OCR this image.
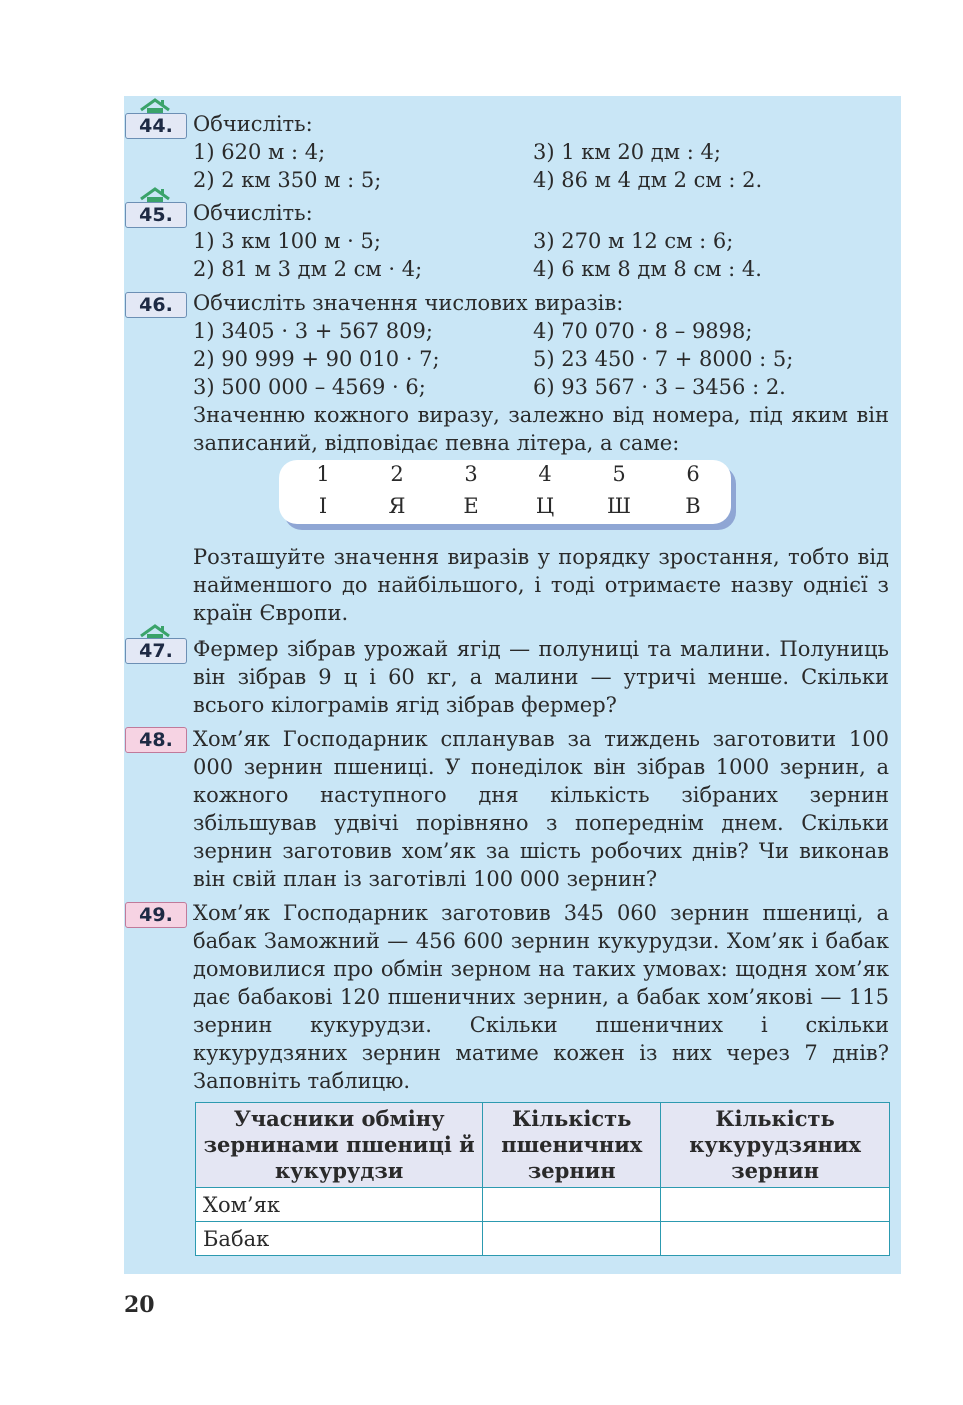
44. Обчисліть:
1) 620 м : 4;	3) 1 км 20 дм : 4;
2) 2 км 350 м : 5;	4) 86 м 4 дм 2 см : 2.
45. Обчисліть:
1) 3 км 100 м · 5;	3) 270 м 12 см : 6;
2) 81 м 3 дм 2 см · 4;	4) 6 км 8 дм 8 см : 4.
46. Обчисліть значення числових виразів:
1) 3405 · 3 + 567 809;	4) 70 070 · 8 – 9898;
2) 90 999 + 90 010 · 7;	5) 23 450 · 7 + 8000 : 5;
3) 500 000 – 4569 · 6;	6) 93 567 · 3 – 3456 : 2.
Значенню кожного виразу, залежно від номера, під яким він записаний, відповідає певна літера, а саме:
1	2	3	4	5	6
І	Я	Е	Ц	Ш	В
Розташуйте значення виразів у порядку зростання, тобто від найменшого до найбільшого, і тоді отримаєте назву однієї з країн Європи.
47. Фермер зібрав урожай ягід — полуниці та малини. Полуниць він зібрав 9 ц і 60 кг, а малини — утричі менше. Скільки всього кілограмів ягід зібрав фермер?
48. Хом’як Господарник спланував за тиждень заготовити 100 000 зернин пшениці. У понеділок він зібрав 1000 зернин, а кожного наступного дня кількість зібраних зернин збільшував удвічі порівняно з попереднім днем. Скільки зернин заготовив хом’як за шість робочих днів? Чи виконав він свій план із заготівлі 100 000 зернин?
49. Хом’як Господарник заготовив 345 060 зернин пшениці, а бабак Заможний — 456 600 зернин кукурудзи. Хом’як і бабак домовилися про обмін зерном на таких умовах: щодня хом’як дає бабакові 120 пшеничних зернин, а бабак хом’якові — 115 зернин кукурудзи. Скільки пшеничних і скільки кукурудзяних зернин матиме кожен із них через 7 днів? Заповніть таблицю.
Учасники обміну зернинами пшениці й кукурудзи	Кількість пшеничних зернин	Кількість кукурудзяних зернин
Хом’як		
Бабак		
20
